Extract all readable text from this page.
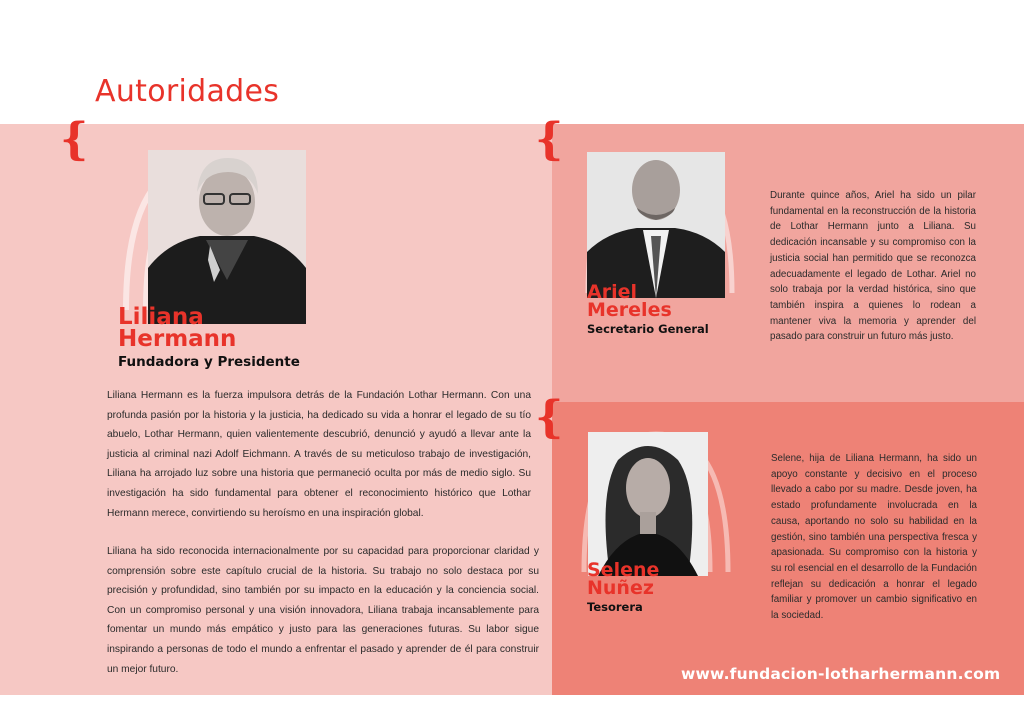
Autoridades
{	{
{
Liliana
Hermann
Fundadora y Presidente
Ariel
Mereles
Secretario General
Selene
Nuñez
Tesorera
Liliana Hermann es la fuerza impulsora detrás de la Fundación Lothar Hermann. Con una profunda pasión por la historia y la justicia, ha dedicado su vida a honrar el legado de su tío abuelo, Lothar Hermann, quien valientemente descubrió, denunció y ayudó a llevar ante la justicia al criminal nazi Adolf Eichmann. A través de su meticuloso trabajo de investigación, Liliana ha arrojado luz sobre una historia que permaneció oculta por más de medio siglo. Su investigación ha sido fundamental para obtener el reconocimiento histórico que Lothar Hermann merece, convirtiendo su heroísmo en una inspiración global.
Liliana ha sido reconocida internacionalmente por su capacidad para proporcionar claridad y comprensión sobre este capítulo crucial de la historia. Su trabajo no solo destaca por su precisión y profundidad, sino también por su impacto en la educación y la conciencia social. Con un compromiso personal y una visión innovadora, Liliana trabaja incansablemente para fomentar un mundo más empático y justo para las generaciones futuras. Su labor sigue inspirando a personas de todo el mundo a enfrentar el pasado y aprender de él para construir un mejor futuro.
Durante quince años, Ariel ha sido un pilar fundamental en la reconstrucción de la historia de Lothar Hermann junto a Liliana. Su dedicación incansable y su compromiso con la justicia social han permitido que se reconozca adecuadamente el legado de Lothar. Ariel no solo trabaja por la verdad histórica, sino que también inspira a quienes lo rodean a mantener viva la memoria y aprender del pasado para construir un futuro más justo.
Selene, hija de Liliana Hermann, ha sido un apoyo constante y decisivo en el proceso llevado a cabo por su madre. Desde joven, ha estado profundamente involucrada en la causa, aportando no solo su habilidad en la gestión, sino también una perspectiva fresca y apasionada. Su compromiso con la historia y su rol esencial en el desarrollo de la Fundación reflejan su dedicación a honrar el legado familiar y promover un cambio significativo en la sociedad.
www.fundacion-lotharhermann.com
